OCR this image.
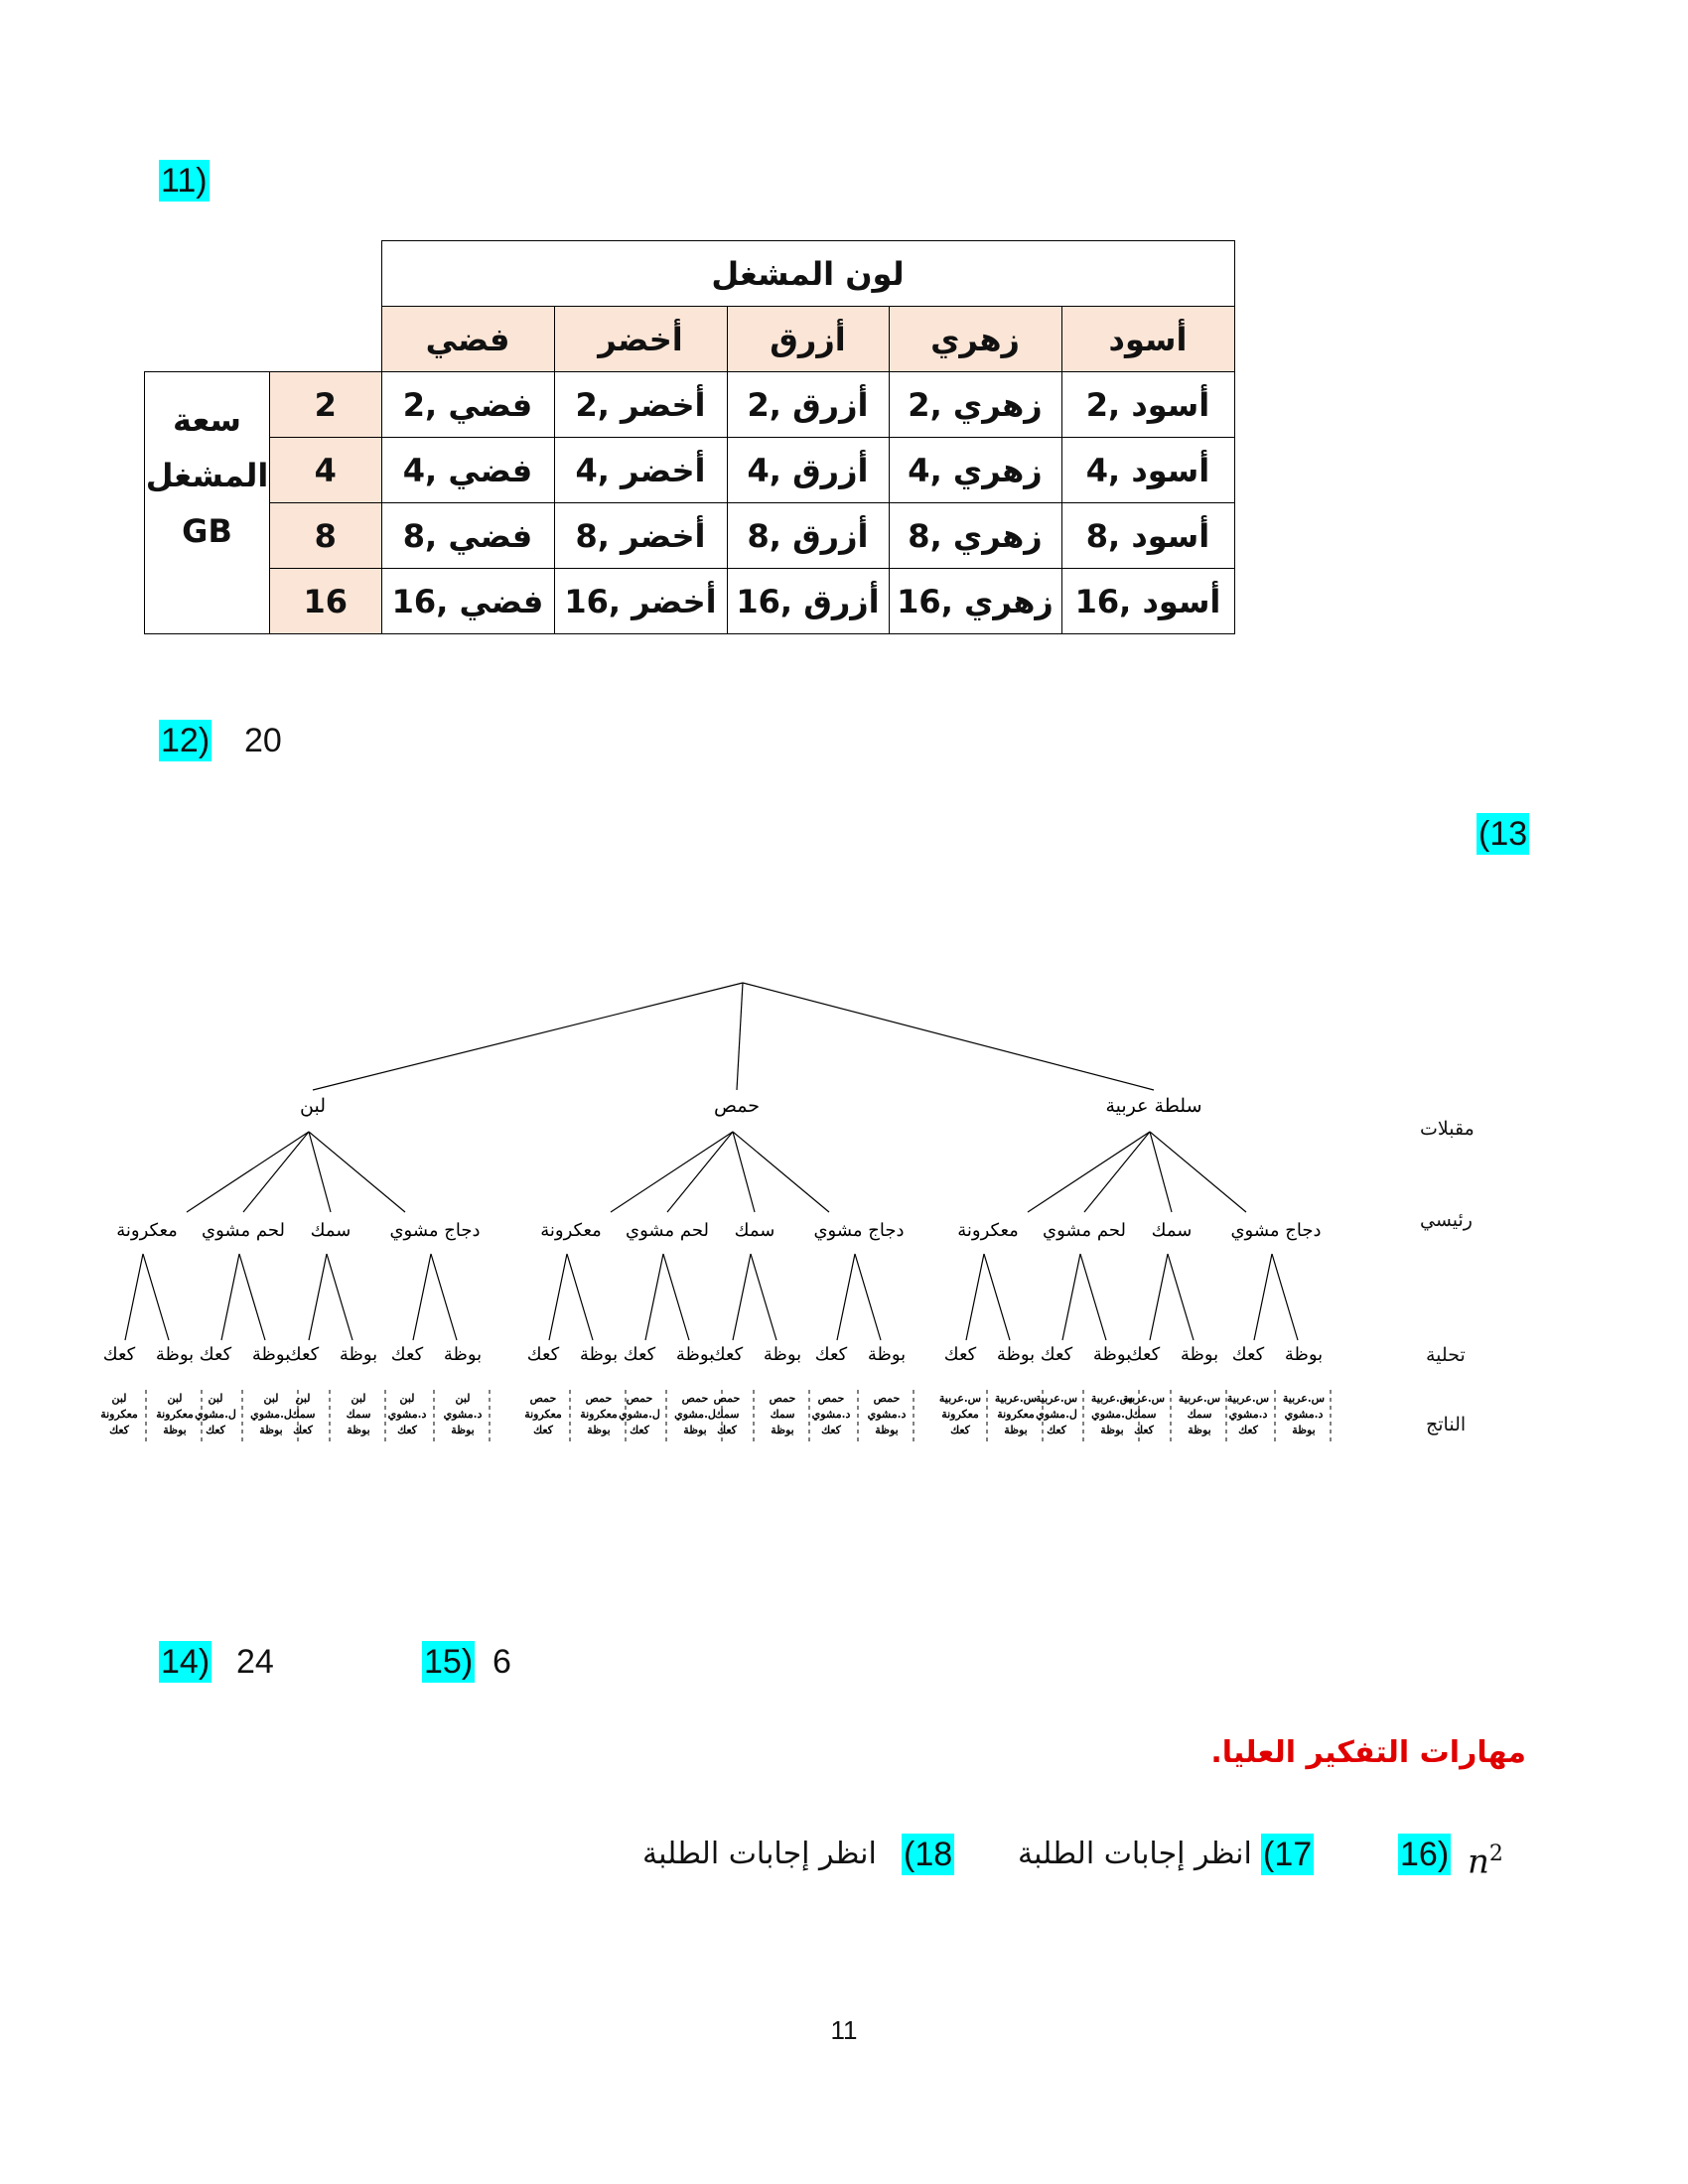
11)
		لون المشغل				
		فضي	أخضر	أزرق	زهري	أسود

سعة
المشغل
GB	2	فضي ,2	أخضر ,2	أزرق ,2	زهري ,2	أسود ,2
	4	فضي ,4	أخضر ,4	أزرق ,4	زهري ,4	أسود ,4
	8	فضي ,8	أخضر ,8	أزرق ,8	زهري ,8	أسود ,8
	16	فضي ,16	أخضر ,16	أزرق ,16	زهري ,16	أسود ,16
12) 20
(13
لبن
معكرونة
كعك بوظة
لبن
معكرونة
كعك
لبن
معكرونة
بوظة
لحم مشوي
كعك بوظة
لبن
ل.مشوي
كعك
لبن
ل.مشوي
بوظة
سمك
كعك بوظة
لبن
سمك
كعك
لبن
سمك
بوظة
دجاج مشوي
كعك بوظة
لبن
د.مشوي
كعك
لبن
د.مشوي
بوظة
حمص
معكرونة
كعك بوظة
حمص
معكرونة
كعك
حمص
معكرونة
بوظة
لحم مشوي
كعك بوظة
حمص
ل.مشوي
كعك
حمص
ل.مشوي
بوظة
سمك
كعك بوظة
حمص
سمك
كعك
حمص
سمك
بوظة
دجاج مشوي
كعك بوظة
حمص
د.مشوي
كعك
حمص
د.مشوي
بوظة
سلطة عربية
معكرونة
كعك بوظة
س.عربية
معكرونة
كعك
س.عربية
معكرونة
بوظة
لحم مشوي
كعك بوظة
س.عربية
ل.مشوي
كعك
س.عربية
ل.مشوي
بوظة
سمك
كعك بوظة
س.عربية
سمك
كعك
س.عربية
سمك
بوظة
دجاج مشوي
كعك بوظة
س.عربية
د.مشوي
كعك
س.عربية
د.مشوي
بوظة
مقبلات
رئيسي
تحلية
الناتج
14) 24	15) 6
مهارات التفكير العليا.
16) $n^2$
انظر إجابات الطلبة (17
انظر إجابات الطلبة (18
11
